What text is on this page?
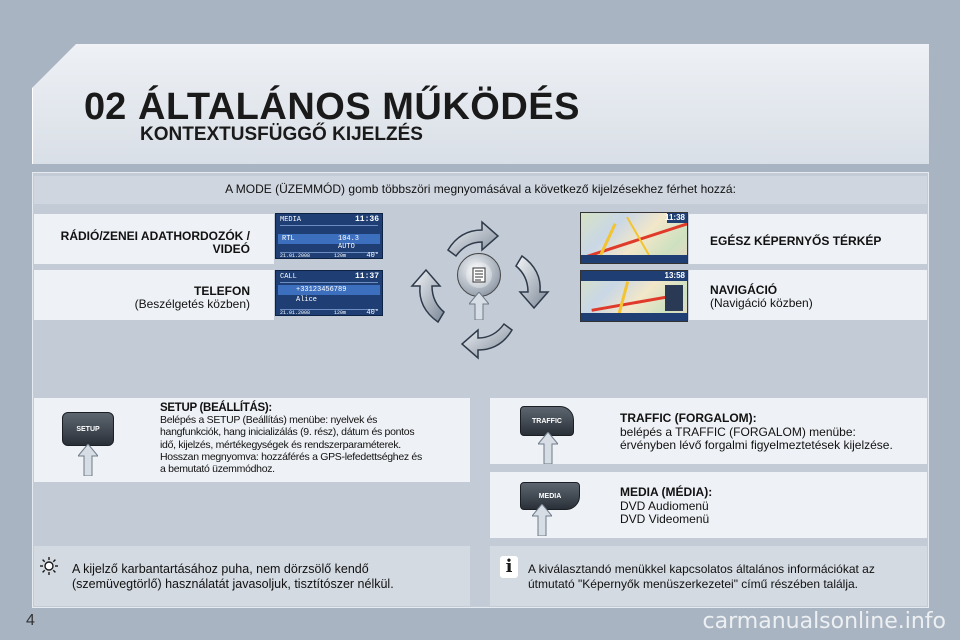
02 ÁLTALÁNOS MŰKÖDÉS
KONTEXTUSFÜGGŐ KIJELZÉS
A MODE (ÜZEMMÓD) gomb többszöri megnyomásával a következő kijelzésekhez férhet hozzá:
RÁDIÓ/ZENEI ADATHORDOZÓK /
VIDEÓ
TELEFON
(Beszélgetés közben)
MEDIA	11:36
RTL	104.3
AUTO
21.01.2008	120m	40°
CALL	11:37
+33123456789
Alice
21.01.2008	120m	40°
EGÉSZ KÉPERNYŐS TÉRKÉP
NAVIGÁCIÓ
(Navigáció közben)
11:38
13:58
SETUP
SETUP (BEÁLLÍTÁS):
Belépés a SETUP (Beállítás) menübe: nyelvek és
hangfunkciók, hang inicializálás (9. rész), dátum és pontos
idő, kijelzés, mértékegységek és rendszerparaméterek.
Hosszan megnyomva: hozzáférés a GPS-lefedettséghez és
a bemutató üzemmódhoz.
TRAFFIC	TRAFFIC (FORGALOM):
belépés a TRAFFIC (FORGALOM) menübe:
érvényben lévő forgalmi figyelmeztetések kijelzése.
MEDIA	MEDIA (MÉDIA):
DVD Audiomenü
DVD Videomenü
A kijelző karbantartásához puha, nem dörzsölő kendő
(szemüvegtörlő) használatát javasoljuk, tisztítószer nélkül.
i	A kiválasztandó menükkel kapcsolatos általános információkat az
útmutató "Képernyők menüszerkezetei" című részében találja.
4	carmanualsonline.info
